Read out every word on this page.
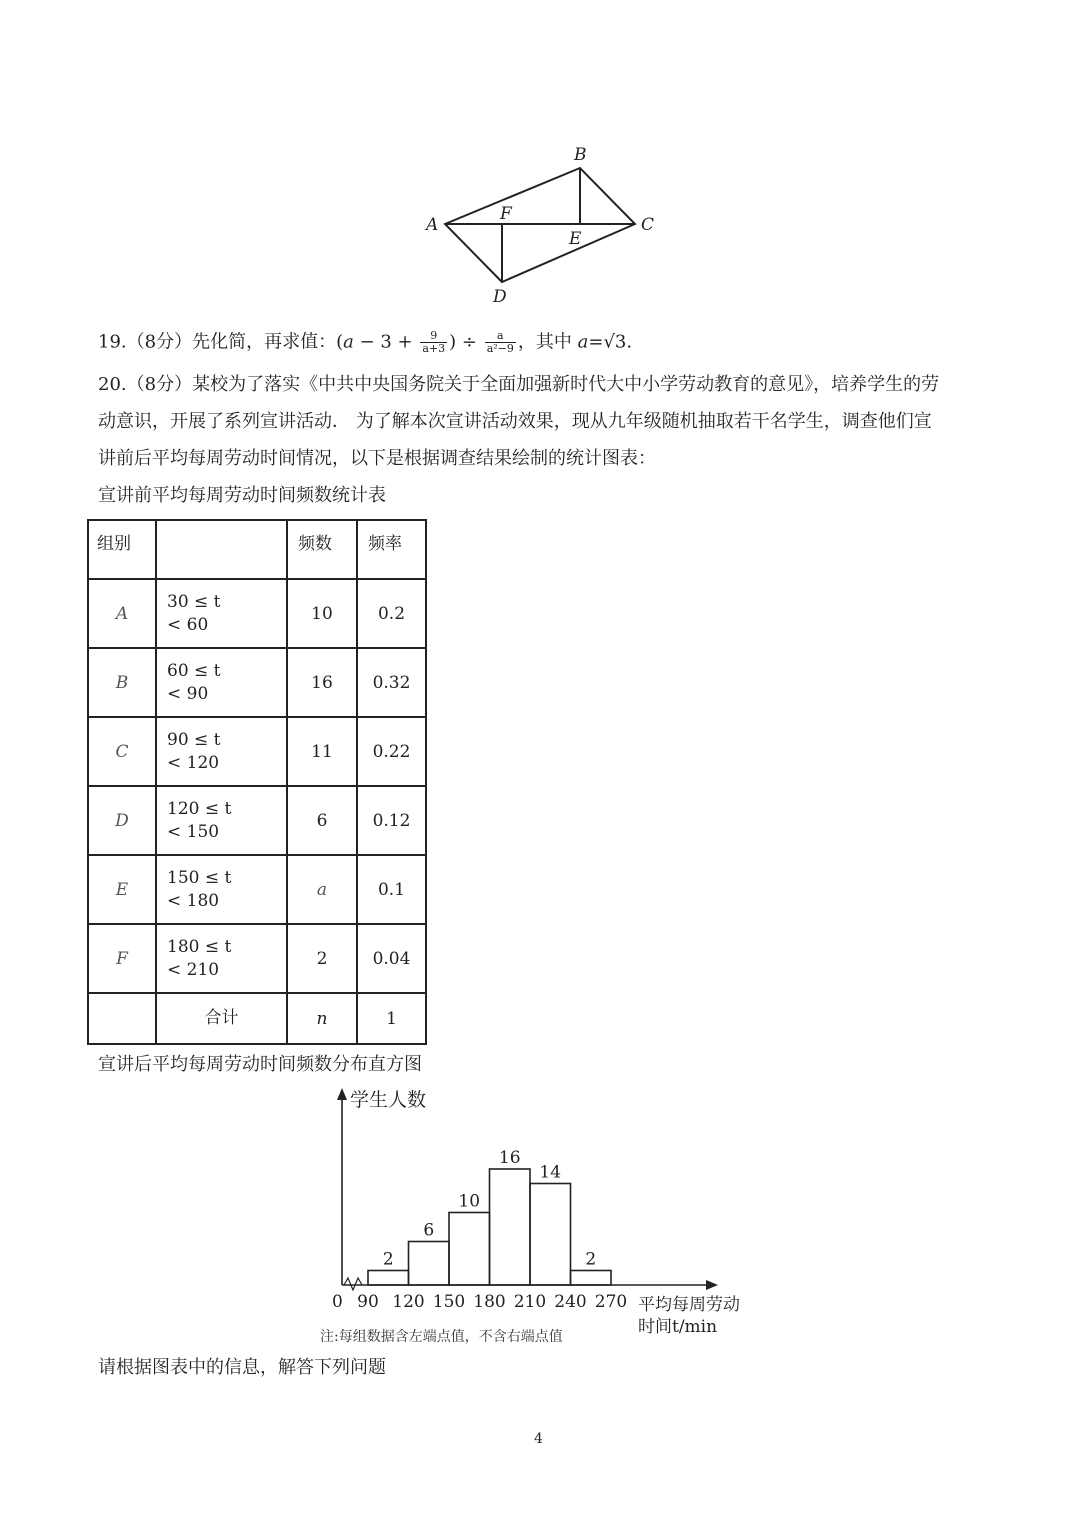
A
B
C
D
E
F
19.（8分）先化简，再求值：($a - 3 + \frac{9}{a+3}$ ) ÷ $\frac{a}{\text{a²−9}}$ ，其中 a=√3.
20.（8分）某校为了落实《中共中央国务院关于全面加强新时代大中小学劳动教育的意见》，培养学生的劳
动意识，开展了系列宣讲活动． 为了解本次宣讲活动效果，现从九年级随机抽取若干名学生，调查他们宣
讲前后平均每周劳动时间情况，以下是根据调查结果绘制的统计图表：
宣讲前平均每周劳动时间频数统计表
组别		频数	频率
A	30 ≤ t
< 60	10	0.2
B	60 ≤ t
< 90	16	0.32
C	90 ≤ t
< 120	11	0.22
D	120 ≤ t
< 150	6	0.12
E	150 ≤ t
< 180	a	0.1
F	180 ≤ t
< 210	2	0.04
	合计	n	1
宣讲后平均每周劳动时间频数分布直方图
2
6
10
16
14
2
90 120 150 180 210 240 270
学生人数
平均每周劳动
时间t/min
0
注:每组数据含左端点值，不含右端点值
请根据图表中的信息，解答下列问题
4
